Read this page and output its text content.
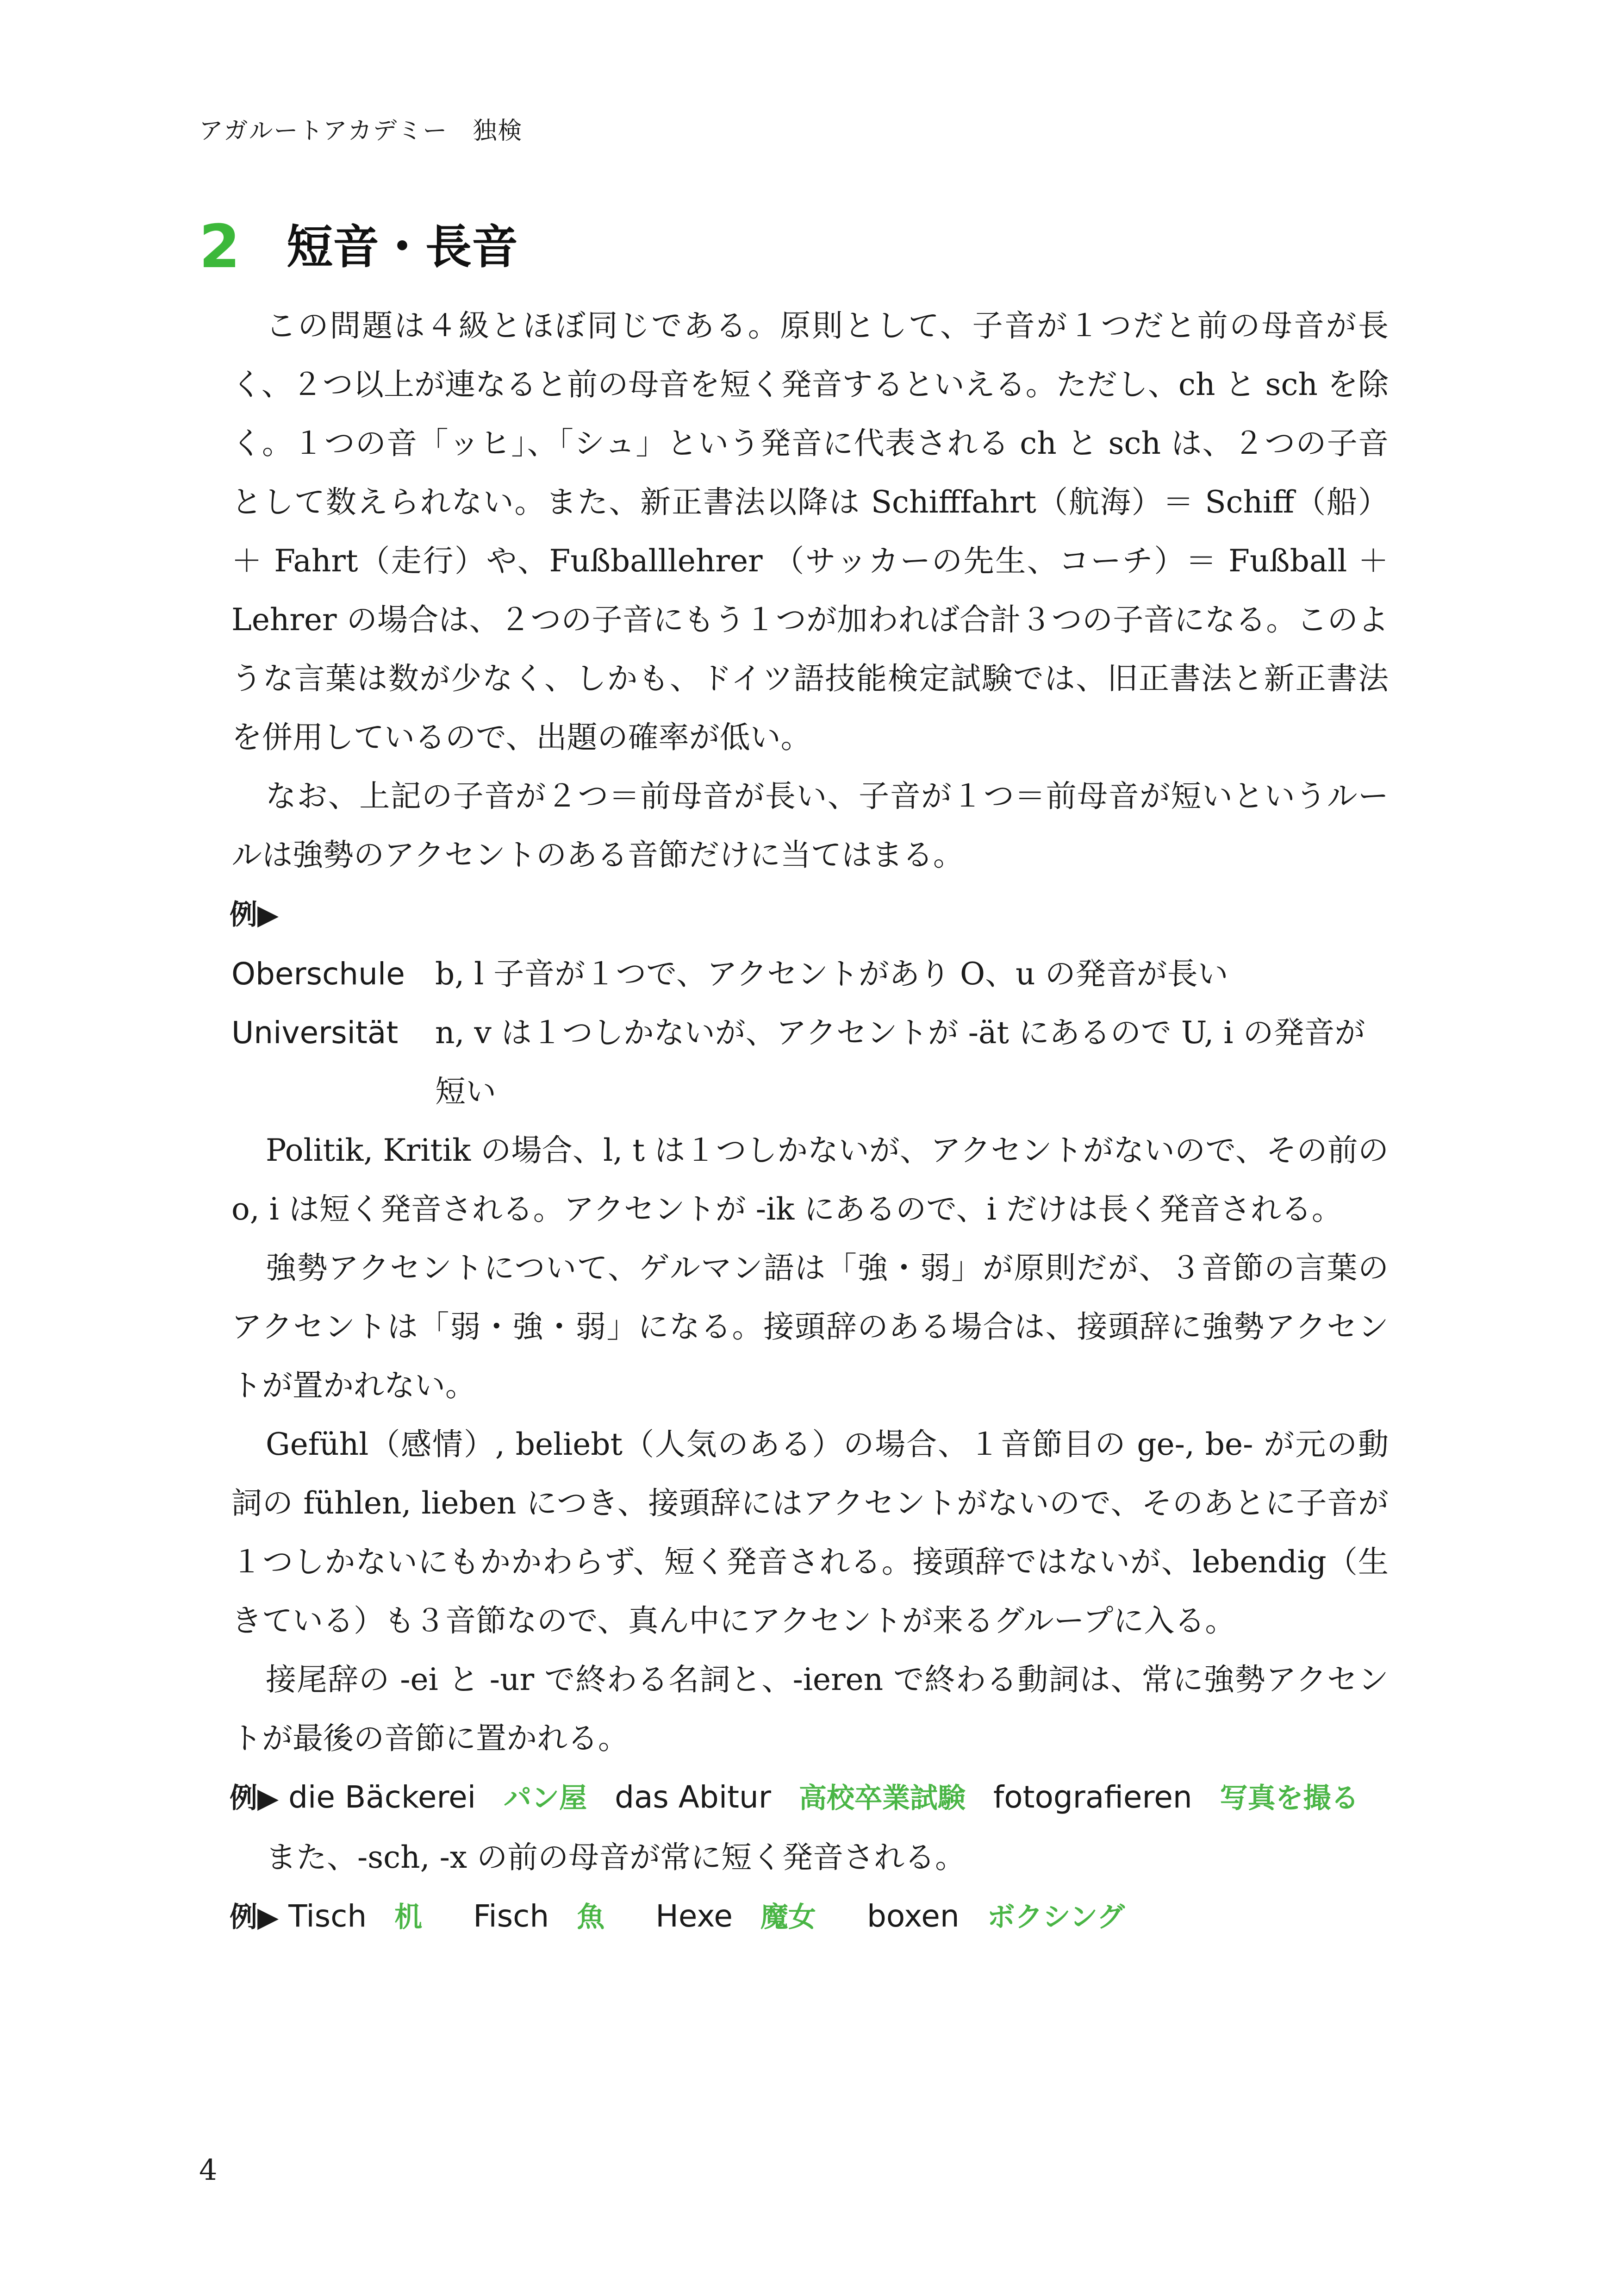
アガルートアカデミー　独検
2 短音・長音

この問題は４級とほぼ同じである。原則として、子音が１つだと前の母音が長く、２つ以上が連なると前の母音を短く発音するといえる。ただし、ch と sch を除く。１つの音「ッヒ」、「シュ」という発音に代表される ch と sch は、２つの子音として数えられない。また、新正書法以降は Schifffahrt（航海）＝ Schiff（船）＋ Fahrt（走行）や、Fußballlehrer （サッカーの先生、コーチ）＝ Fußball ＋ Lehrer の場合は、２つの子音にもう１つが加われば合計３つの子音になる。このような言葉は数が少なく、しかも、ドイツ語技能検定試験では、旧正書法と新正書法を併用しているので、出題の確率が低い。

なお、上記の子音が２つ＝前母音が長い、子音が１つ＝前母音が短いというルールは強勢のアクセントのある音節だけに当てはまる。

例▶

Oberschule b, l 子音が１つで、アクセントがあり O、u の発音が長い
Universität	n, v は１つしかないが、アクセントが -ät にあるので U, i の発音が短い

Politik, Kritik の場合、l, t は１つしかないが、アクセントがないので、その前の o, i は短く発音される。アクセントが -ik にあるので、i だけは長く発音される。

強勢アクセントについて、ゲルマン語は「強・弱」が原則だが、３音節の言葉のアクセントは「弱・強・弱」になる。接頭辞のある場合は、接頭辞に強勢アクセントが置かれない。

Gefühl（感情）, beliebt（人気のある）の場合、１音節目の ge-, be- が元の動詞の fühlen, lieben につき、接頭辞にはアクセントがないので、そのあとに子音が１つしかないにもかかわらず、短く発音される。接頭辞ではないが、lebendig（生きている）も３音節なので、真ん中にアクセントが来るグループに入る。

接尾辞の -ei と -ur で終わる名詞と、-ieren で終わる動詞は、常に強勢アクセントが最後の音節に置かれる。

例▶ die Bäckerei パン屋 das Abitur 高校卒業試験 fotografieren 写真を撮る

また、-sch, -x の前の母音が常に短く発音される。

例▶ Tisch 机 Fisch 魚 Hexe 魔女 boxen ボクシング

4
